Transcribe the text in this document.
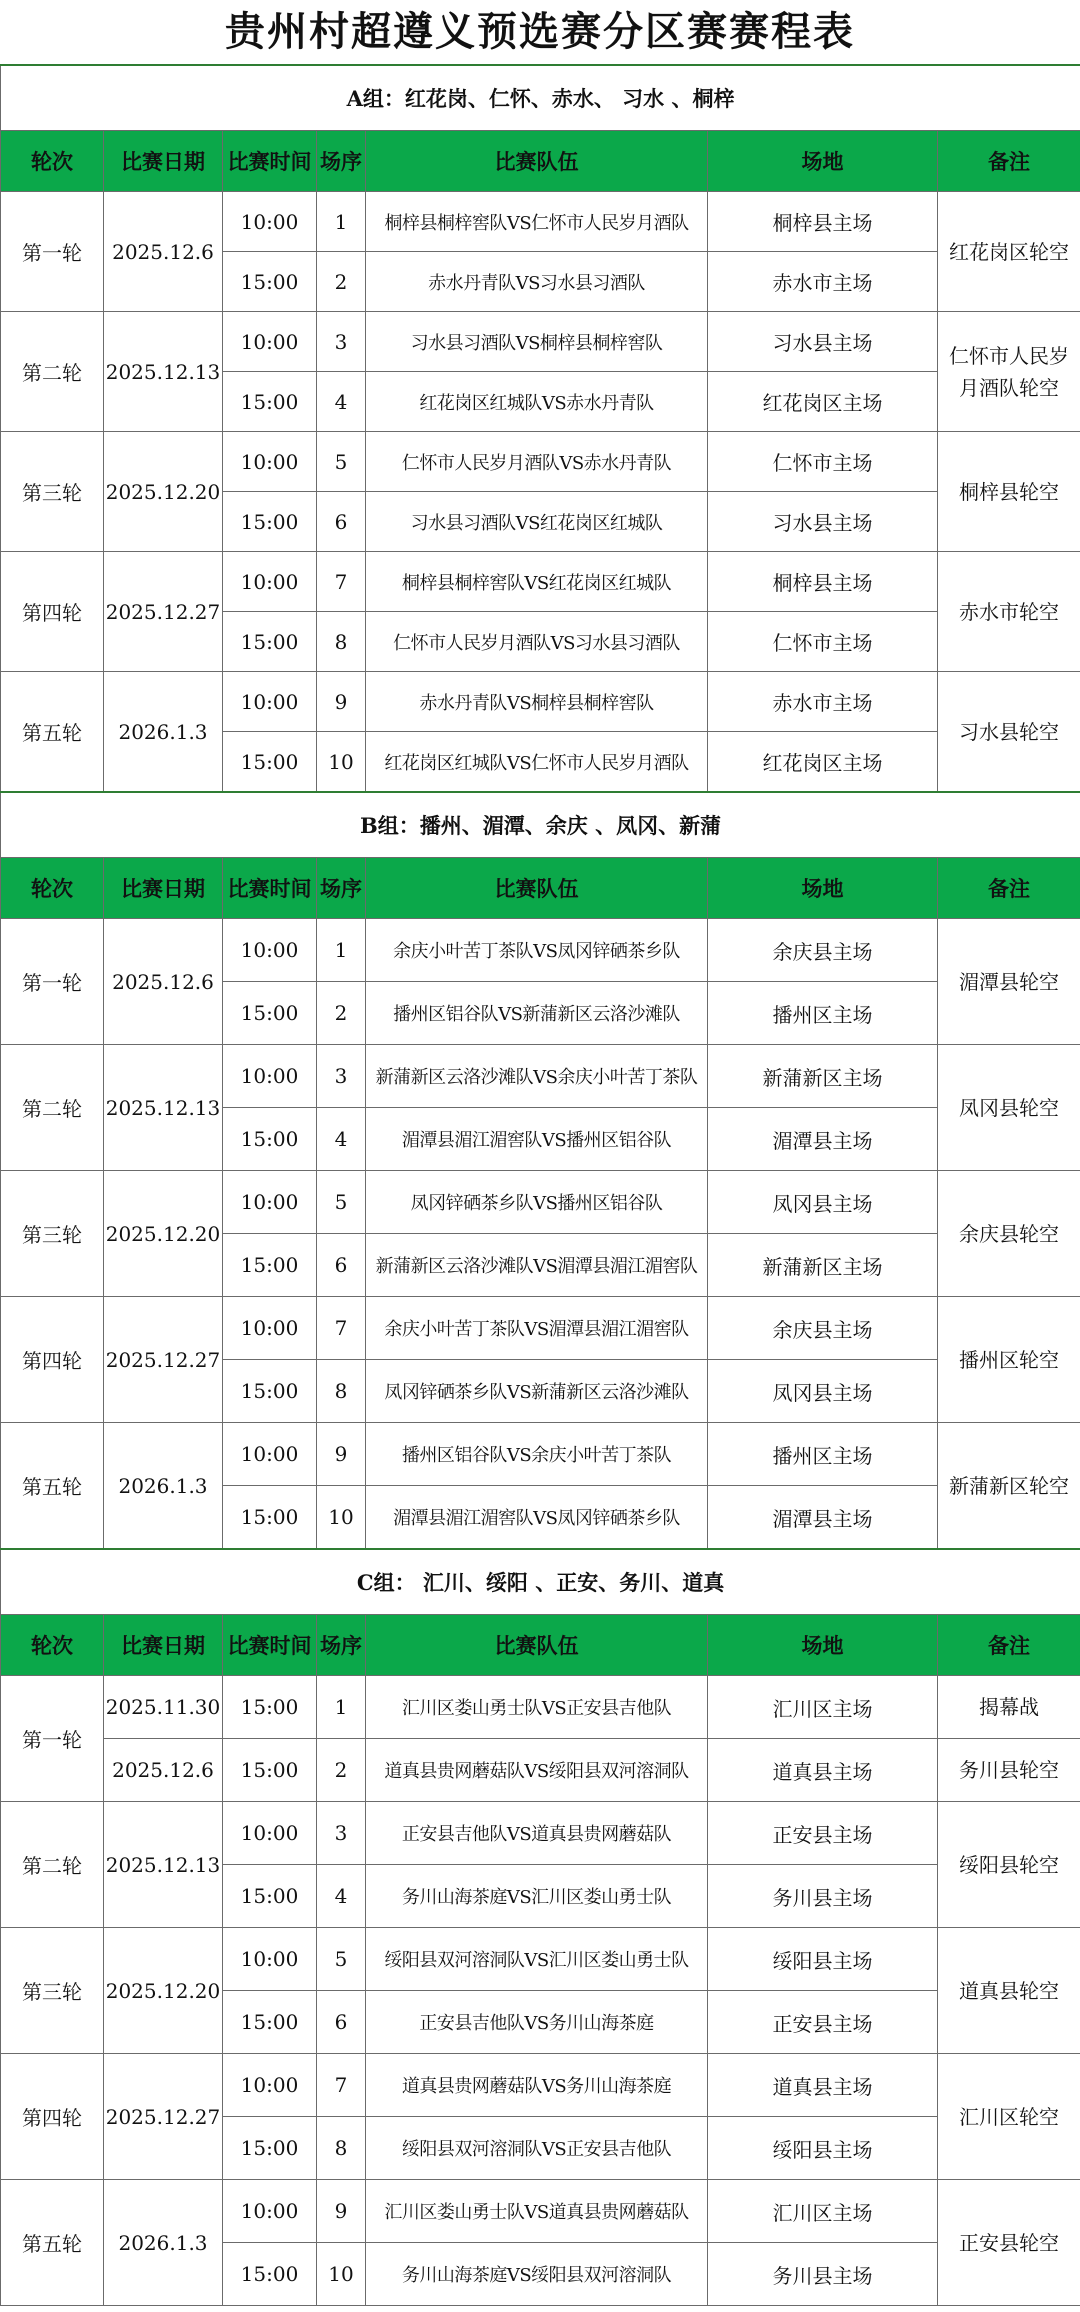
贵州村超遵义预选赛分区赛赛程表
A组：红花岗、仁怀、赤水、 习水 、桐梓						
轮次	比赛日期	比赛时间	场序	比赛队伍	场地	备注
第一轮	2025.12.6	10:00	1	桐梓县桐梓窖队VS仁怀市人民岁月酒队	桐梓县主场	红花岗区轮空
		15:00	2	赤水丹青队VS习水县习酒队	赤水市主场	
第二轮	2025.12.13	10:00	3	习水县习酒队VS桐梓县桐梓窖队	习水县主场	仁怀市人民岁月酒队轮空
		15:00	4	红花岗区红城队VS赤水丹青队	红花岗区主场	
第三轮	2025.12.20	10:00	5	仁怀市人民岁月酒队VS赤水丹青队	仁怀市主场	桐梓县轮空
		15:00	6	习水县习酒队VS红花岗区红城队	习水县主场	
第四轮	2025.12.27	10:00	7	桐梓县桐梓窖队VS红花岗区红城队	桐梓县主场	赤水市轮空
		15:00	8	仁怀市人民岁月酒队VS习水县习酒队	仁怀市主场	
第五轮	2026.1.3	10:00	9	赤水丹青队VS桐梓县桐梓窖队	赤水市主场	习水县轮空
		15:00	10	红花岗区红城队VS仁怀市人民岁月酒队	红花岗区主场	
B组：播州、湄潭、余庆 、凤冈、新蒲						
轮次	比赛日期	比赛时间	场序	比赛队伍	场地	备注
第一轮	2025.12.6	10:00	1	余庆小叶苦丁茶队VS凤冈锌硒茶乡队	余庆县主场	湄潭县轮空
		15:00	2	播州区铝谷队VS新蒲新区云洛沙滩队	播州区主场	
第二轮	2025.12.13	10:00	3	新蒲新区云洛沙滩队VS余庆小叶苦丁茶队	新蒲新区主场	凤冈县轮空
		15:00	4	湄潭县湄江湄窖队VS播州区铝谷队	湄潭县主场	
第三轮	2025.12.20	10:00	5	凤冈锌硒茶乡队VS播州区铝谷队	凤冈县主场	余庆县轮空
		15:00	6	新蒲新区云洛沙滩队VS湄潭县湄江湄窖队	新蒲新区主场	
第四轮	2025.12.27	10:00	7	余庆小叶苦丁茶队VS湄潭县湄江湄窖队	余庆县主场	播州区轮空
		15:00	8	凤冈锌硒茶乡队VS新蒲新区云洛沙滩队	凤冈县主场	
第五轮	2026.1.3	10:00	9	播州区铝谷队VS余庆小叶苦丁茶队	播州区主场	新蒲新区轮空
		15:00	10	湄潭县湄江湄窖队VS凤冈锌硒茶乡队	湄潭县主场	
C组： 汇川、绥阳 、正安、务川、道真						
轮次	比赛日期	比赛时间	场序	比赛队伍	场地	备注
第一轮	2025.11.30	15:00	1	汇川区娄山勇士队VS正安县吉他队	汇川区主场	揭幕战
	2025.12.6	15:00	2	道真县贵网蘑菇队VS绥阳县双河溶洞队	道真县主场	务川县轮空
第二轮	2025.12.13	10:00	3	正安县吉他队VS道真县贵网蘑菇队	正安县主场	绥阳县轮空
		15:00	4	务川山海茶庭VS汇川区娄山勇士队	务川县主场	
第三轮	2025.12.20	10:00	5	绥阳县双河溶洞队VS汇川区娄山勇士队	绥阳县主场	道真县轮空
		15:00	6	正安县吉他队VS务川山海茶庭	正安县主场	
第四轮	2025.12.27	10:00	7	道真县贵网蘑菇队VS务川山海茶庭	道真县主场	汇川区轮空
		15:00	8	绥阳县双河溶洞队VS正安县吉他队	绥阳县主场	
第五轮	2026.1.3	10:00	9	汇川区娄山勇士队VS道真县贵网蘑菇队	汇川区主场	正安县轮空
		15:00	10	务川山海茶庭VS绥阳县双河溶洞队	务川县主场	
